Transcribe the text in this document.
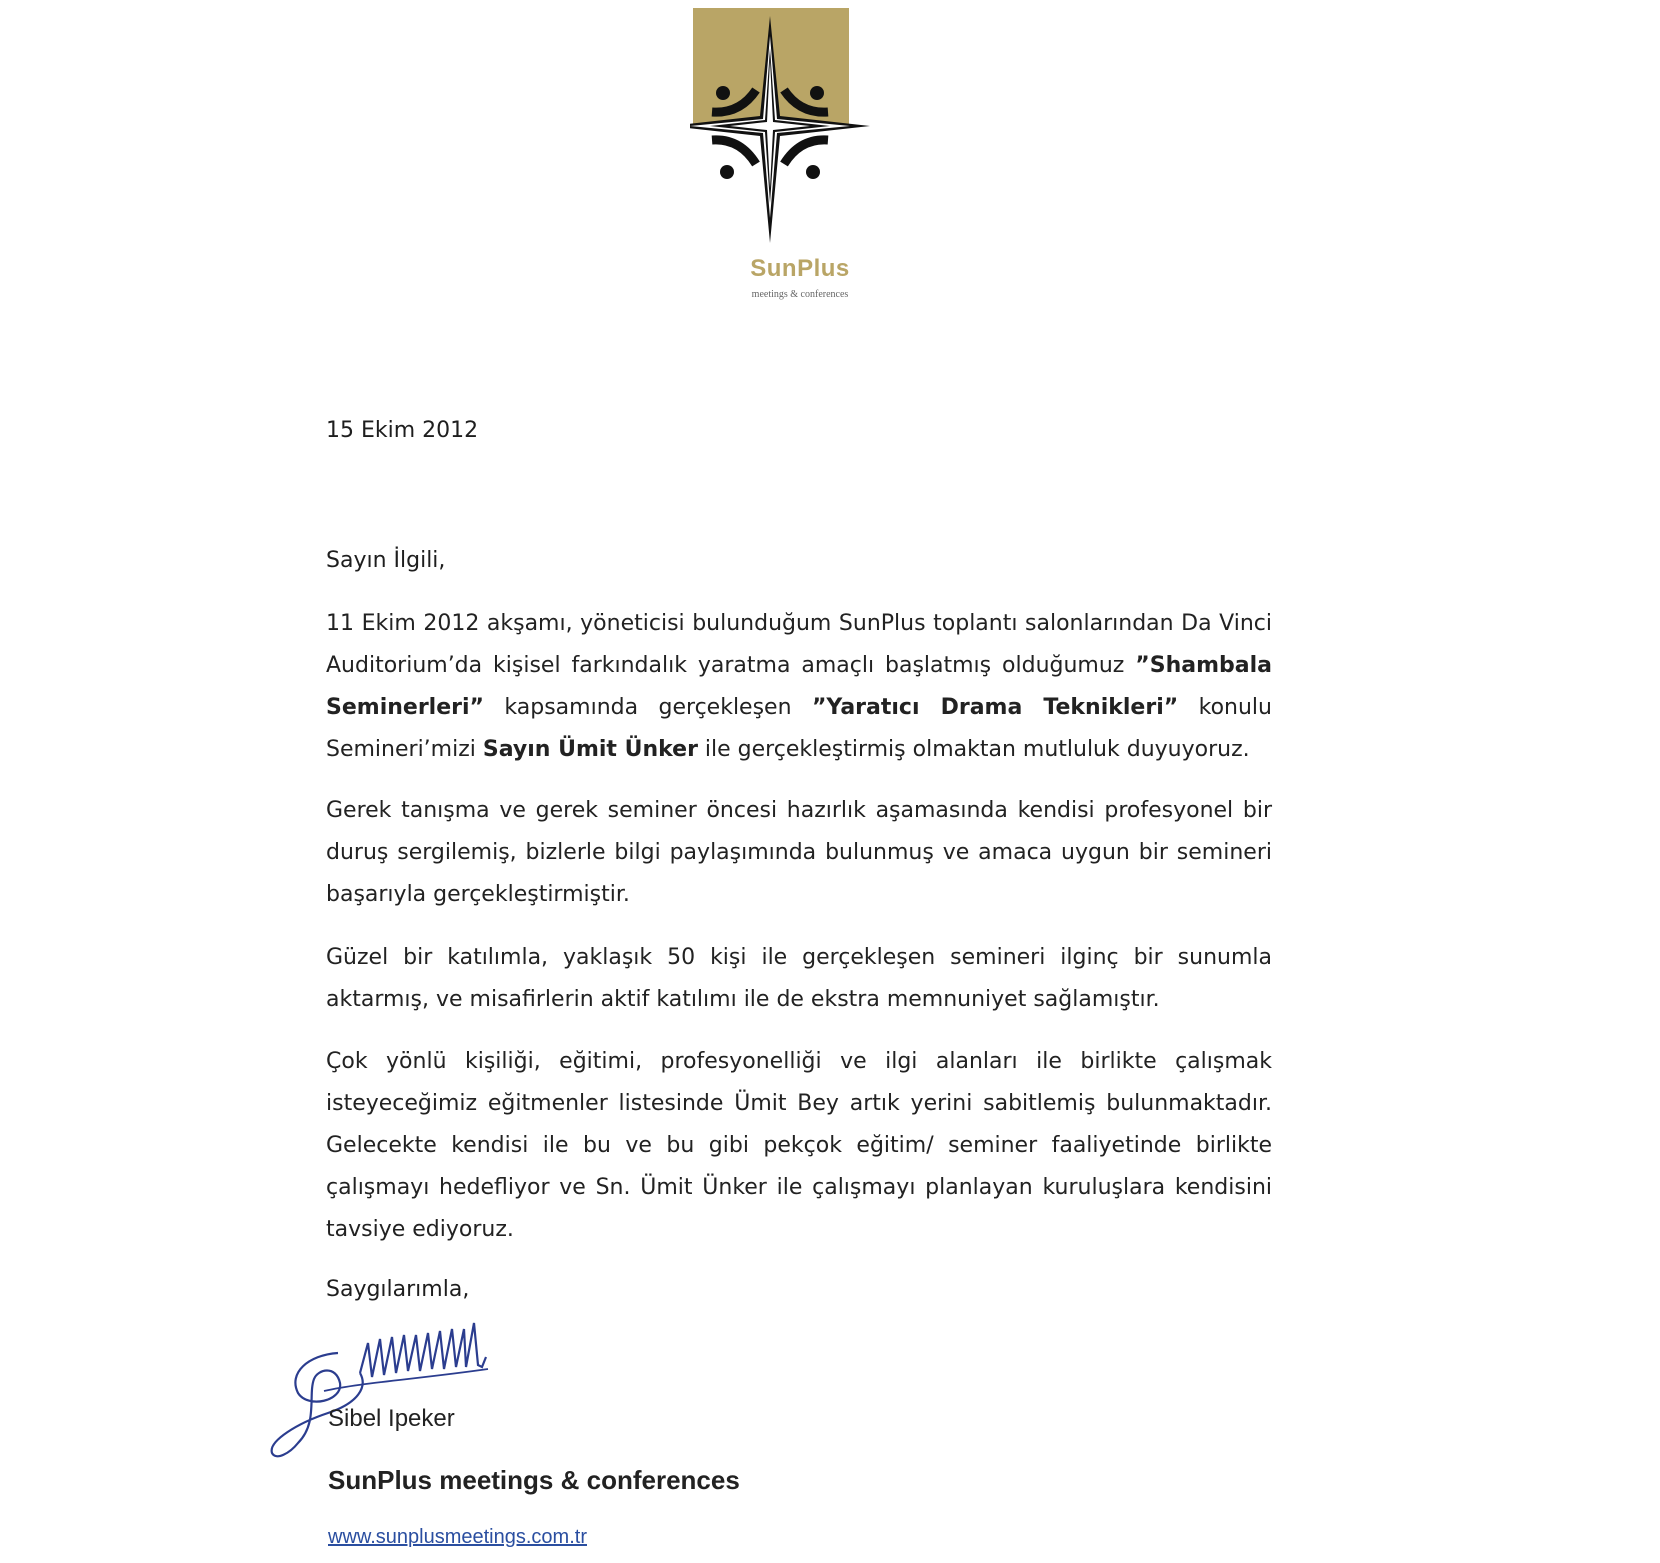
SunPlus
meetings & conferences
15 Ekim 2012
Sayın İlgili,

11 Ekim 2012 akşamı, yöneticisi bulunduğum SunPlus toplantı salonlarından Da Vinci Auditorium’da kişisel farkındalık yaratma amaçlı başlatmış olduğumuz ”Shambala Seminerleri” kapsamında gerçekleşen ”Yaratıcı Drama Teknikleri” konulu Semineri’mizi Sayın Ümit Ünker ile gerçekleştirmiş olmaktan mutluluk duyuyoruz.

Gerek tanışma ve gerek seminer öncesi hazırlık aşamasında kendisi profesyonel bir duruş sergilemiş, bizlerle bilgi paylaşımında bulunmuş ve amaca uygun bir semineri başarıyla gerçekleştirmiştir.

Güzel bir katılımla, yaklaşık 50 kişi ile gerçekleşen semineri ilginç bir sunumla aktarmış, ve misafirlerin aktif katılımı ile de ekstra memnuniyet sağlamıştır.

Çok yönlü kişiliği, eğitimi, profesyonelliği ve ilgi alanları ile birlikte çalışmak isteyeceğimiz eğitmenler listesinde Ümit Bey artık yerini sabitlemiş bulunmaktadır. Gelecekte kendisi ile bu ve bu gibi pekçok eğitim/ seminer faaliyetinde birlikte çalışmayı hedefliyor ve Sn. Ümit Ünker ile çalışmayı planlayan kuruluşlara kendisini tavsiye ediyoruz.

Saygılarımla,
Sibel Ipeker
SunPlus meetings & conferences
www.sunplusmeetings.com.tr
